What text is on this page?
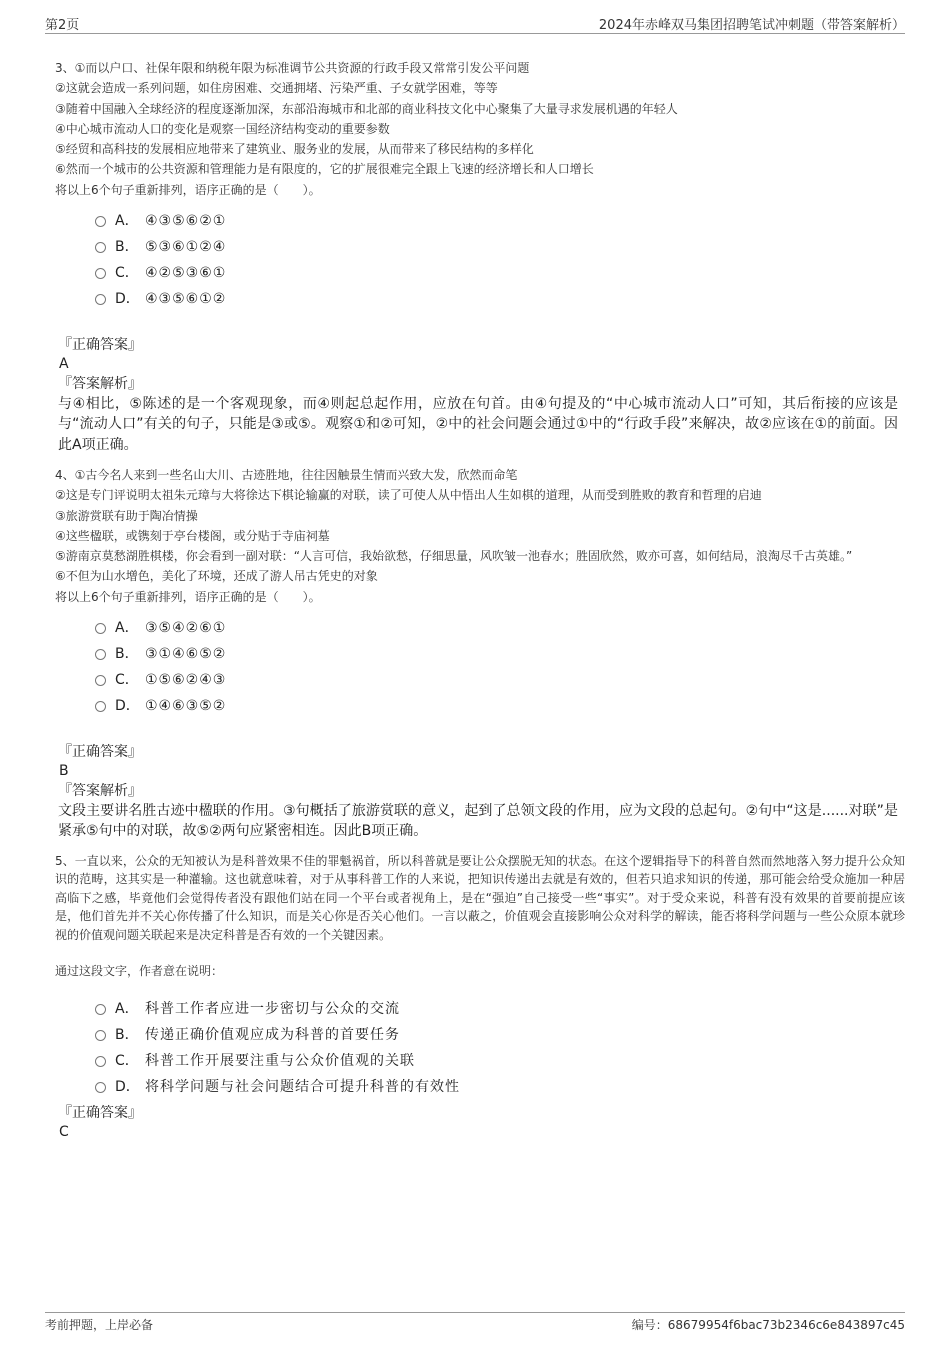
第2页	2024年赤峰双马集团招聘笔试冲刺题（带答案解析）

3、①而以户口、社保年限和纳税年限为标准调节公共资源的行政手段又常常引发公平问题

②这就会造成一系列问题，如住房困难、交通拥堵、污染严重、子女就学困难，等等

③随着中国融入全球经济的程度逐渐加深，东部沿海城市和北部的商业科技文化中心聚集了大量寻求发展机遇的年轻人

④中心城市流动人口的变化是观察一国经济结构变动的重要参数

⑤经贸和高科技的发展相应地带来了建筑业、服务业的发展，从而带来了移民结构的多样化

⑥然而一个城市的公共资源和管理能力是有限度的，它的扩展很难完全跟上飞速的经济增长和人口增长

将以上6个句子重新排列，语序正确的是（　　）。

A． ④③⑤⑥②①
B． ⑤③⑥①②④
C． ④②⑤③⑥①
D． ④③⑤⑥①②
『正确答案』
A
『答案解析』
与④相比，⑤陈述的是一个客观现象，而④则起总起作用，应放在句首。由④句提及的“中心城市流动人口”可知，其后衔接的应该是与“流动人口”有关的句子，只能是③或⑤。观察①和②可知，②中的社会问题会通过①中的“行政手段”来解决，故②应该在①的前面。因此A项正确。

4、①古今名人来到一些名山大川、古迹胜地，往往因触景生情而兴致大发，欣然而命笔

②这是专门评说明太祖朱元璋与大将徐达下棋论输赢的对联，读了可使人从中悟出人生如棋的道理，从而受到胜败的教育和哲理的启迪

③旅游赏联有助于陶冶情操

④这些楹联，或镌刻于亭台楼阁，或分贴于寺庙祠墓

⑤游南京莫愁湖胜棋楼，你会看到一副对联：“人言可信，我始欲愁，仔细思量，风吹皱一池春水；胜固欣然，败亦可喜，如何结局，浪淘尽千古英雄。”

⑥不但为山水增色，美化了环境，还成了游人吊古凭史的对象

将以上6个句子重新排列，语序正确的是（　　）。

A． ③⑤④②⑥①
B． ③①④⑥⑤②
C． ①⑤⑥②④③
D． ①④⑥③⑤②
『正确答案』
B
『答案解析』
文段主要讲名胜古迹中楹联的作用。③句概括了旅游赏联的意义，起到了总领文段的作用，应为文段的总起句。②句中“这是......对联”是紧承⑤句中的对联，故⑤②两句应紧密相连。因此B项正确。

5、一直以来，公众的无知被认为是科普效果不佳的罪魁祸首，所以科普就是要让公众摆脱无知的状态。在这个逻辑指导下的科普自然而然地落入努力提升公众知识的范畴，这其实是一种灌输。这也就意味着，对于从事科普工作的人来说，把知识传递出去就是有效的，但若只追求知识的传递，那可能会给受众施加一种居高临下之感，毕竟他们会觉得传者没有跟他们站在同一个平台或者视角上，是在“强迫”自己接受一些“事实”。对于受众来说，科普有没有效果的首要前提应该是，他们首先并不关心你传播了什么知识，而是关心你是否关心他们。一言以蔽之，价值观会直接影响公众对科学的解读，能否将科学问题与一些公众原本就珍视的价值观问题关联起来是决定科普是否有效的一个关键因素。

通过这段文字，作者意在说明：
A． 科普工作者应进一步密切与公众的交流
B． 传递正确价值观应成为科普的首要任务
C． 科普工作开展要注重与公众价值观的关联
D． 将科学问题与社会问题结合可提升科普的有效性
『正确答案』
C
考前押题，上岸必备	编号：68679954f6bac73b2346c6e843897c45
